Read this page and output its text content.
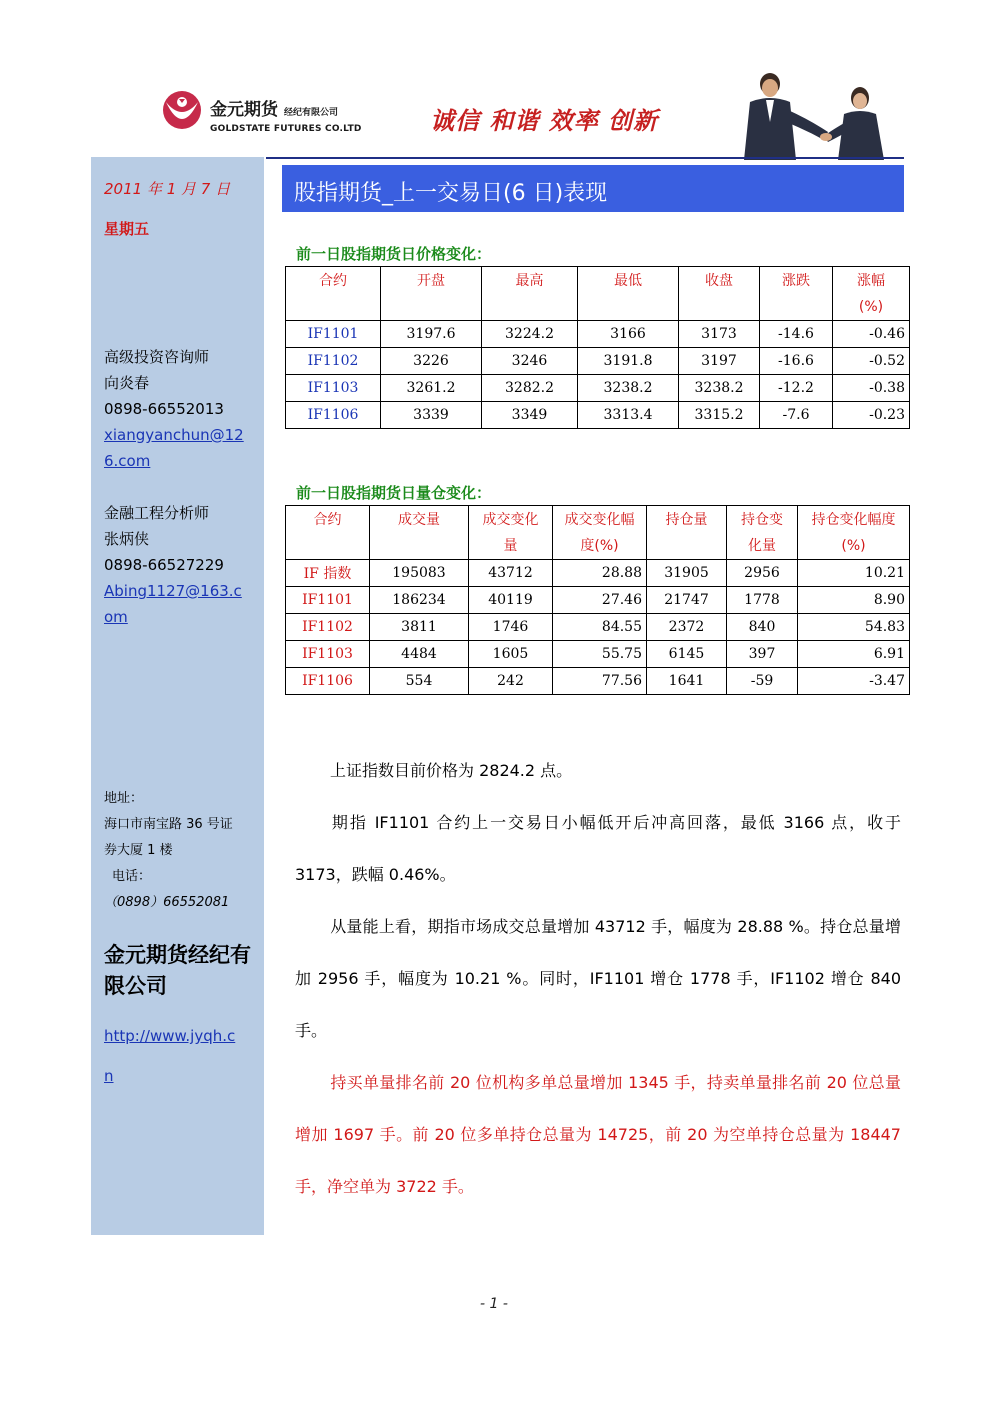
金元期货 经纪有限公司
GOLDSTATE FUTURES CO.LTD	诚信 和谐 效率 创新
2011 年 1 月 7 日
星期五
高级投资咨询师
向炎春
0898-66552013
xiangyanchun@12
6.com
金融工程分析师
张炳侠
0898-66527229
Abing1127@163.c
om
地址：
海口市南宝路 36 号证
券大厦 1 楼
电话：
（0898）66552081
金元期货经纪有限公司
http://www.jyqh.c
n
股指期货_上一交易日(6 日)表现
前一日股指期货日价格变化：
合约	开盘	最高	最低	收盘	涨跌	涨幅(%)
IF1101	3197.6	3224.2	3166	3173	-14.6	-0.46
IF1102	3226	3246	3191.8	3197	-16.6	-0.52
IF1103	3261.2	3282.2	3238.2	3238.2	-12.2	-0.38
IF1106	3339	3349	3313.4	3315.2	-7.6	-0.23
前一日股指期货日量仓变化：
合约	成交量	成交变化量	成交变化幅度(%)	持仓量	持仓变化量	持仓变化幅度(%)
IF 指数	195083	43712	28.88	31905	2956	10.21
IF1101	186234	40119	27.46	21747	1778	8.90
IF1102	3811	1746	84.55	2372	840	54.83
IF1103	4484	1605	55.75	6145	397	6.91
IF1106	554	242	77.56	1641	-59	-3.47
上证指数目前价格为 2824.2 点。
期指 IF1101 合约上一交易日小幅低开后冲高回落，最低 3166 点，收于 3173，跌幅 0.46%。
从量能上看，期指市场成交总量增加 43712 手，幅度为 28.88 %。持仓总量增加 2956 手，幅度为 10.21 %。同时，IF1101 增仓 1778 手，IF1102 增仓 840 手。
持买单量排名前 20 位机构多单总量增加 1345 手，持卖单量排名前 20 位总量增加 1697 手。前 20 位多单持仓总量为 14725，前 20 为空单持仓总量为 18447 手，净空单为 3722 手。
- 1 -
